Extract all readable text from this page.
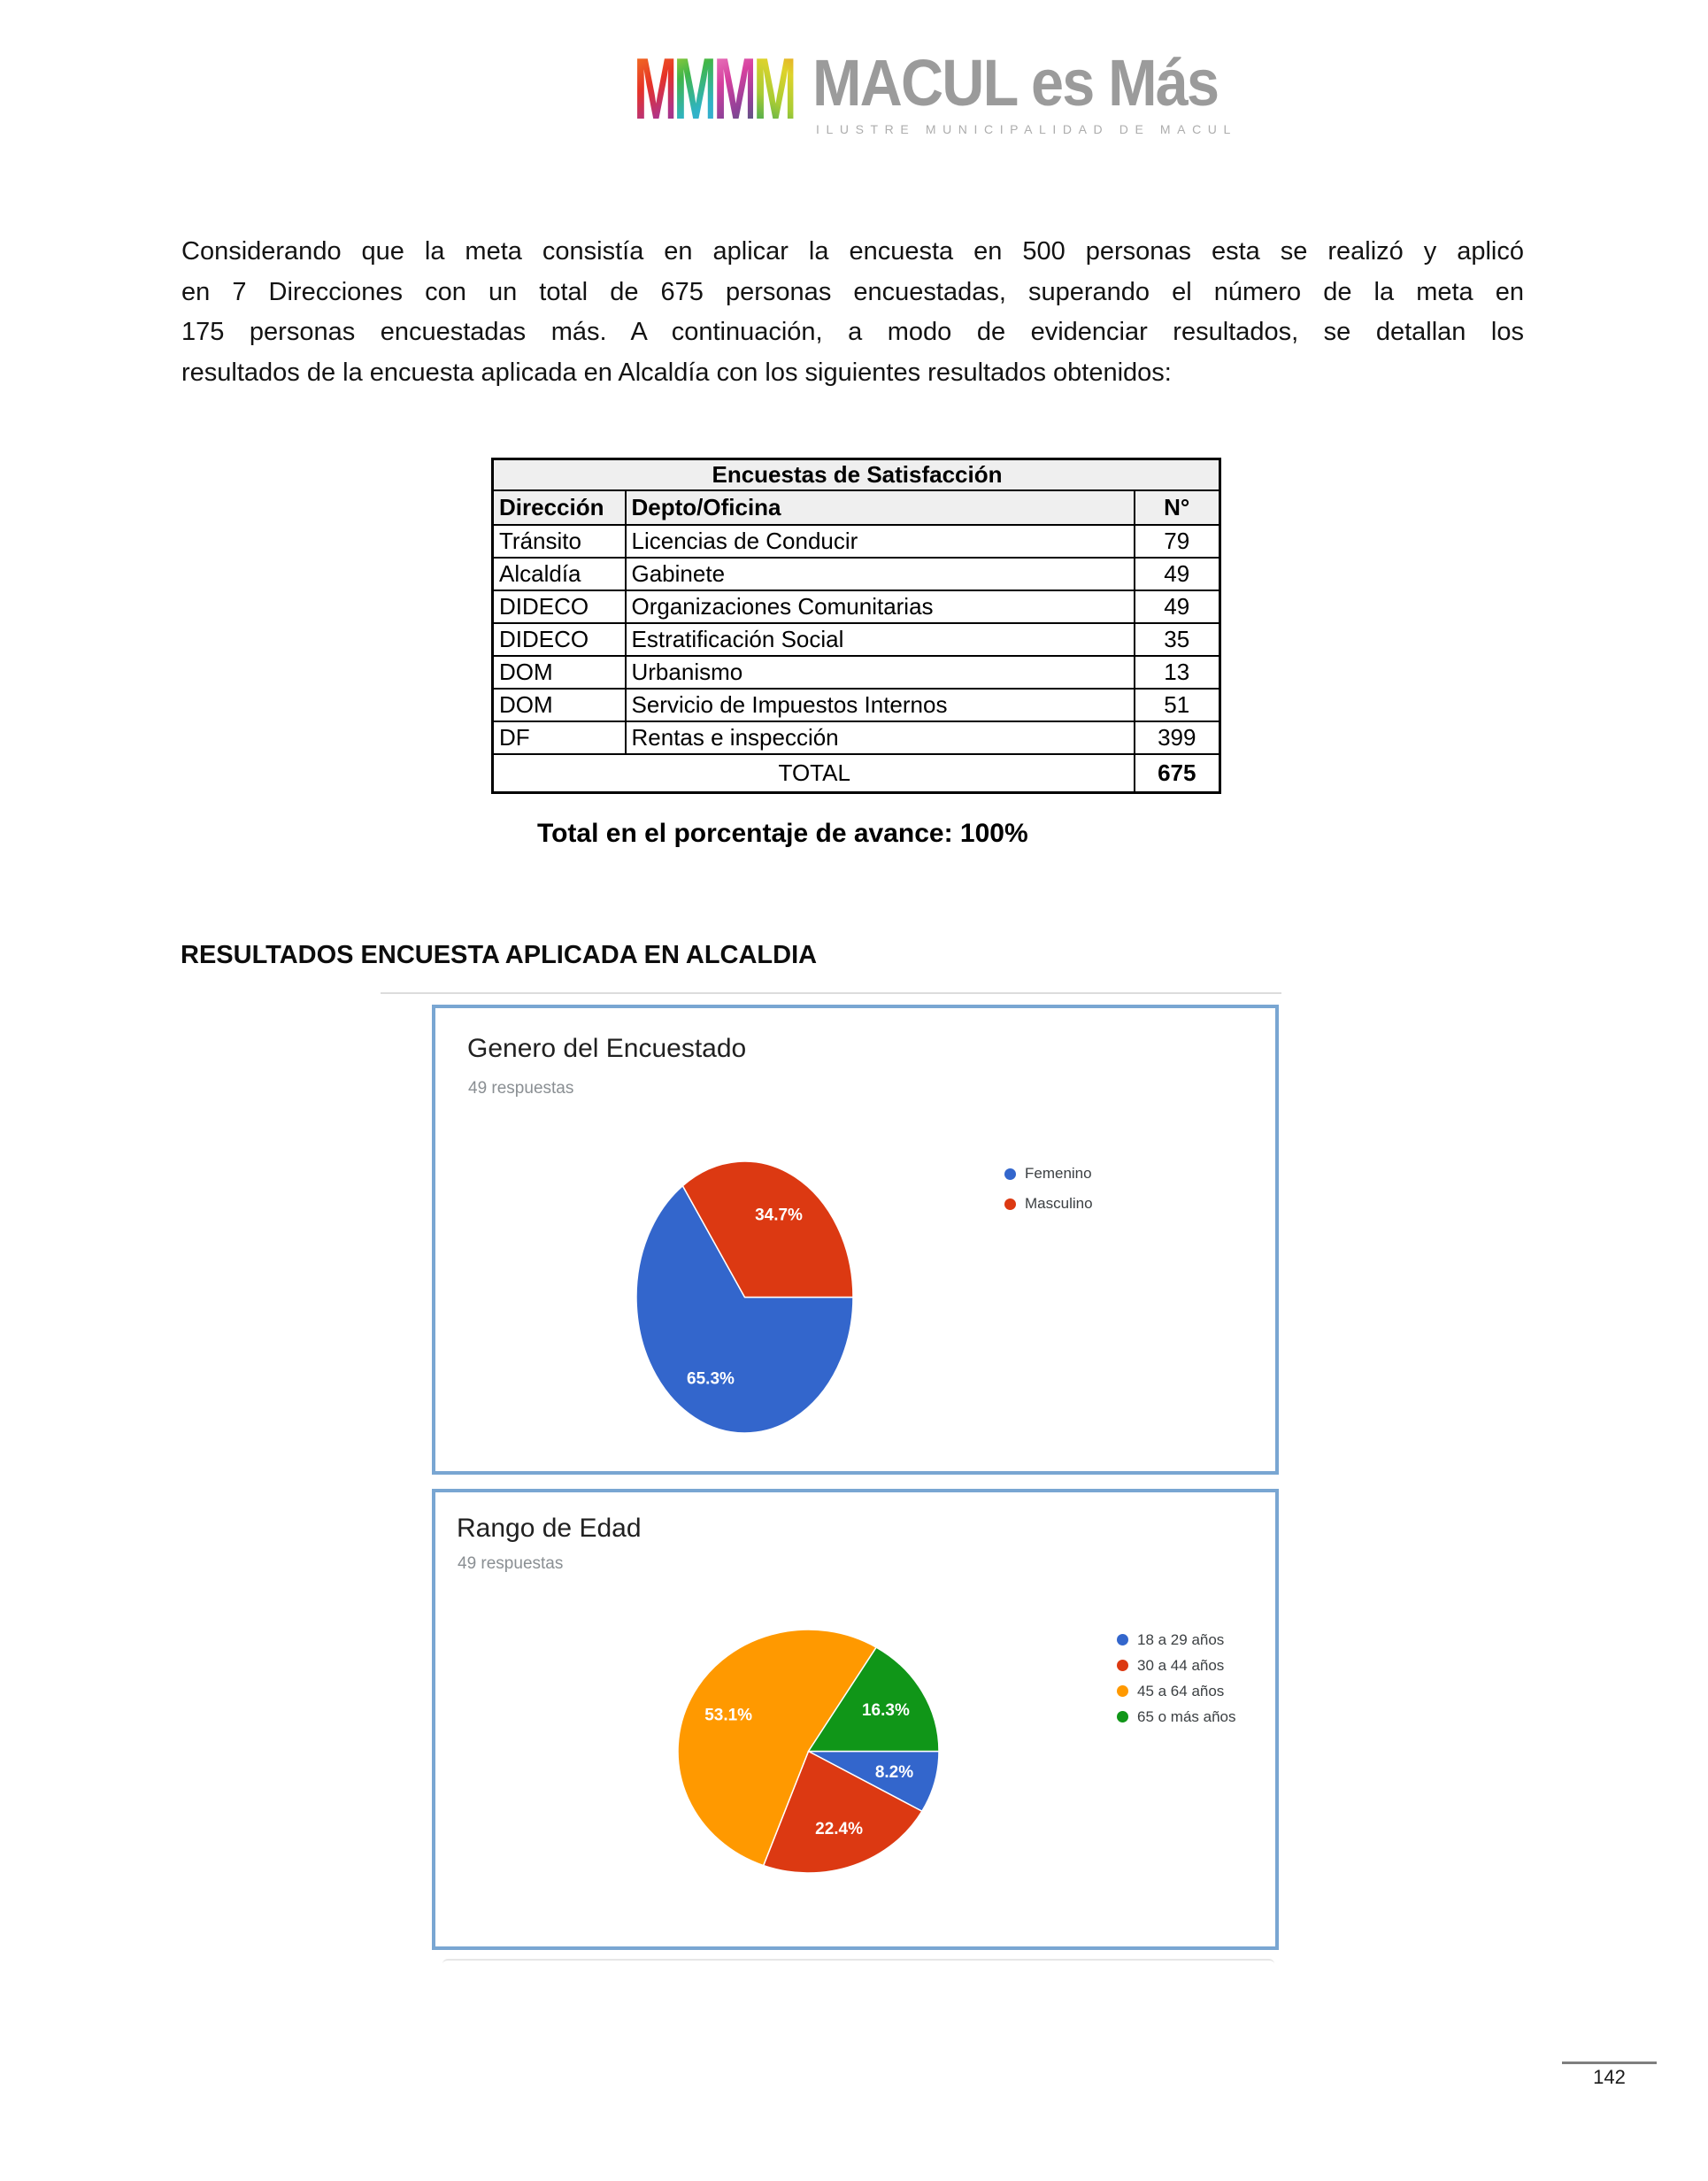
MMMM MACUL es Más
ILUSTRE MUNICIPALIDAD DE MACUL
Considerando que la meta consistía en aplicar la encuesta en 500 personas esta se realizó y aplicó
en 7 Direcciones con un total de 675 personas encuestadas, superando el número de la meta en
175 personas encuestadas más. A continuación, a modo de evidenciar resultados, se detallan los
resultados de la encuesta aplicada en Alcaldía con los siguientes resultados obtenidos:
Encuestas de Satisfacción		
Dirección	Depto/Oficina	N°
Tránsito	Licencias de Conducir	79
Alcaldía	Gabinete	49
DIDECO	Organizaciones Comunitarias	49
DIDECO	Estratificación Social	35
DOM	Urbanismo	13
DOM	Servicio de Impuestos Internos	51
DF	Rentas e inspección	399
TOTAL		675
Total en el porcentaje de avance: 100%
RESULTADOS ENCUESTA APLICADA EN ALCALDIA
Genero del Encuestado
49 respuestas
65.3%
34.7%
Femenino
Masculino
Rango de Edad
49 respuestas
8.2%
22.4%
53.1%	16.3%
18 a 29 años
30 a 44 años
45 a 64 años
65 o más años
142
